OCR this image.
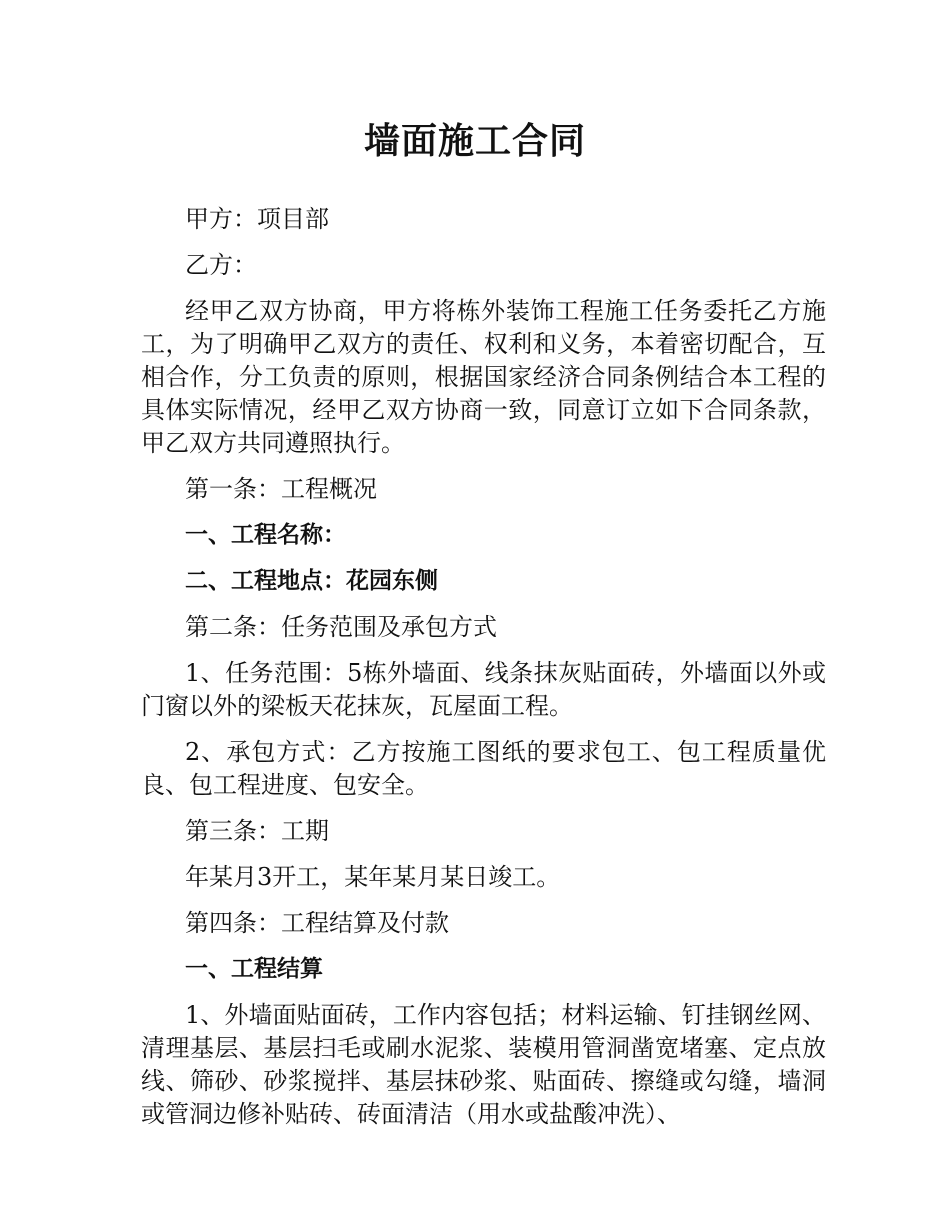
墙面施工合同

甲方：项目部

乙方：

经甲乙双方协商，甲方将栋外装饰工程施工任务委托乙方施工，为了明确甲乙双方的责任、权利和义务，本着密切配合，互相合作，分工负责的原则，根据国家经济合同条例结合本工程的具体实际情况，经甲乙双方协商一致，同意订立如下合同条款，甲乙双方共同遵照执行。

第一条：工程概况

一、工程名称：

二、工程地点：花园东侧

第二条：任务范围及承包方式

1、任务范围：5栋外墙面、线条抹灰贴面砖，外墙面以外或门窗以外的梁板天花抹灰，瓦屋面工程。

2、承包方式：乙方按施工图纸的要求包工、包工程质量优良、包工程进度、包安全。

第三条：工期

年某月3开工，某年某月某日竣工。

第四条：工程结算及付款

一、工程结算

1、外墙面贴面砖，工作内容包括；材料运输、钉挂钢丝网、清理基层、基层扫毛或刷水泥浆、装模用管洞凿宽堵塞、定点放线、筛砂、砂浆搅拌、基层抹砂浆、贴面砖、擦缝或勾缝，墙洞或管洞边修补贴砖、砖面清洁（用水或盐酸冲洗）、
